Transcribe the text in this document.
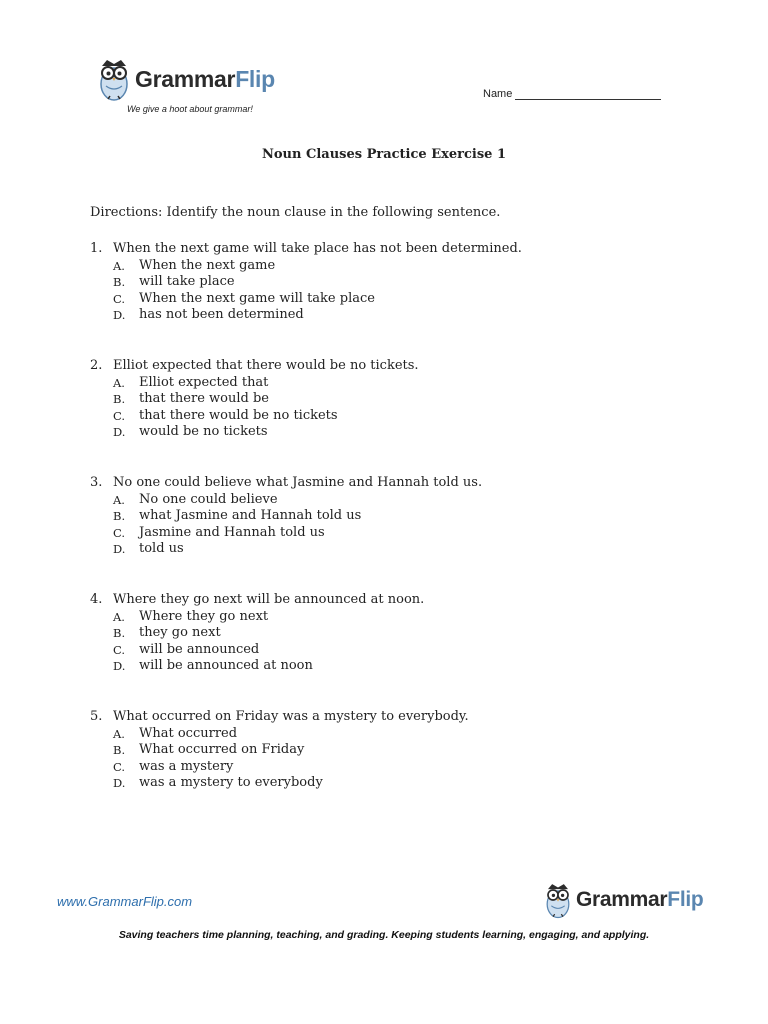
GrammarFlip
We give a hoot about grammar!
Name
Noun Clauses Practice Exercise 1
Directions: Identify the noun clause in the following sentence.
1. When the next game will take place has not been determined.
A.	When the next game
B.	will take place
C.	When the next game will take place
D.	has not been determined
2. Elliot expected that there would be no tickets.
A.	Elliot expected that
B.	that there would be
C.	that there would be no tickets
D.	would be no tickets
3. No one could believe what Jasmine and Hannah told us.
A.	No one could believe
B.	what Jasmine and Hannah told us
C.	Jasmine and Hannah told us
D.	told us
4. Where they go next will be announced at noon.
A.	Where they go next
B.	they go next
C.	will be announced
D.	will be announced at noon
5. What occurred on Friday was a mystery to everybody.
A.	What occurred
B.	What occurred on Friday
C.	was a mystery
D.	was a mystery to everybody
www.GrammarFlip.com	GrammarFlip
Saving teachers time planning, teaching, and grading. Keeping students learning, engaging, and applying.
